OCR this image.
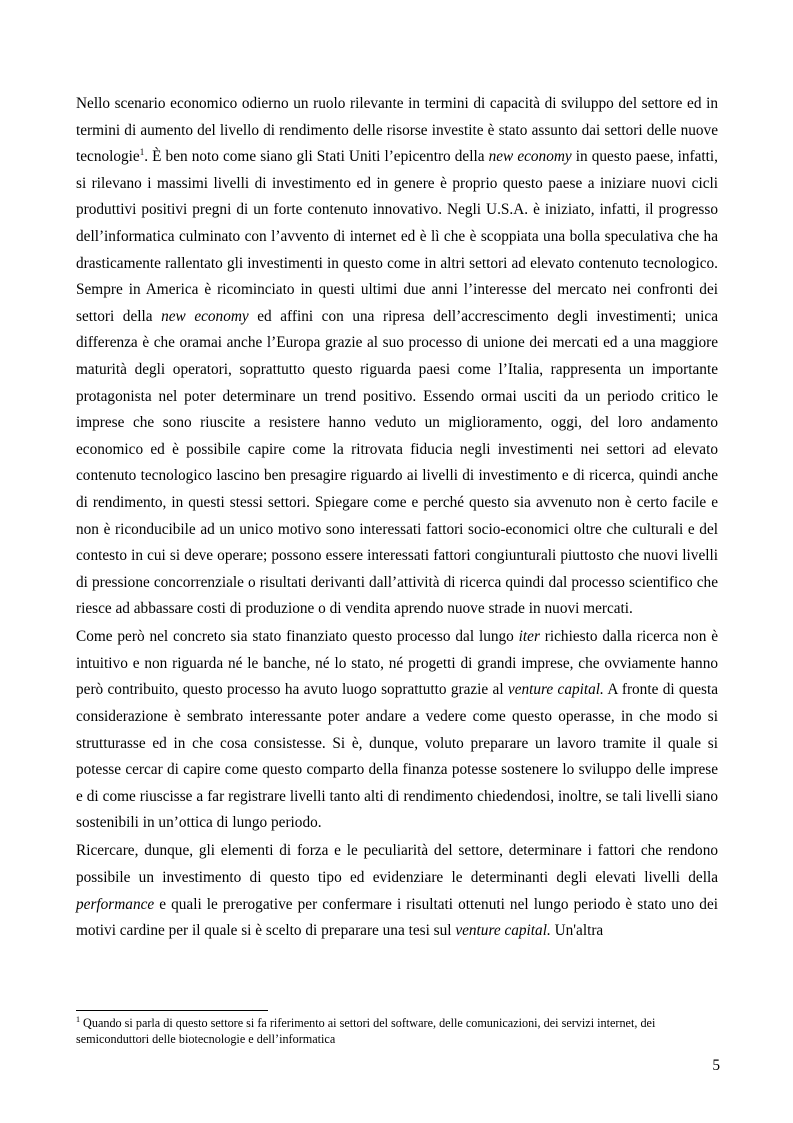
Nello scenario economico odierno un ruolo rilevante in termini di capacità di sviluppo del settore ed in termini di aumento del livello di rendimento delle risorse investite è stato assunto dai settori delle nuove tecnologie$^1$. È ben noto come siano gli Stati Uniti l’epicentro della new economy in questo paese, infatti, si rilevano i massimi livelli di investimento ed in genere è proprio questo paese a iniziare nuovi cicli produttivi positivi pregni di un forte contenuto innovativo. Negli U.S.A. è iniziato, infatti, il progresso dell’informatica culminato con l’avvento di internet ed è lì che è scoppiata una bolla speculativa che ha drasticamente rallentato gli investimenti in questo come in altri settori ad elevato contenuto tecnologico. Sempre in America è ricominciato in questi ultimi due anni l’interesse del mercato nei confronti dei settori della new economy ed affini con una ripresa dell’accrescimento degli investimenti; unica differenza è che oramai anche l’Europa grazie al suo processo di unione dei mercati ed a una maggiore maturità degli operatori, soprattutto questo riguarda paesi come l’Italia, rappresenta un importante protagonista nel poter determinare un trend positivo. Essendo ormai usciti da un periodo critico le imprese che sono riuscite a resistere hanno veduto un miglioramento, oggi, del loro andamento economico ed è possibile capire come la ritrovata fiducia negli investimenti nei settori ad elevato contenuto tecnologico lascino ben presagire riguardo ai livelli di investimento e di ricerca, quindi anche di rendimento, in questi stessi settori. Spiegare come e perché questo sia avvenuto non è certo facile e non è riconducibile ad un unico motivo sono interessati fattori socio-economici oltre che culturali e del contesto in cui si deve operare; possono essere interessati fattori congiunturali piuttosto che nuovi livelli di pressione concorrenziale o risultati derivanti dall’attività di ricerca quindi dal processo scientifico che riesce ad abbassare costi di produzione o di vendita aprendo nuove strade in nuovi mercati.

Come però nel concreto sia stato finanziato questo processo dal lungo iter richiesto dalla ricerca non è intuitivo e non riguarda né le banche, né lo stato, né progetti di grandi imprese, che ovviamente hanno però contribuito, questo processo ha avuto luogo soprattutto grazie al venture capital. A fronte di questa considerazione è sembrato interessante poter andare a vedere come questo operasse, in che modo si strutturasse ed in che cosa consistesse. Si è, dunque, voluto preparare un lavoro tramite il quale si potesse cercar di capire come questo comparto della finanza potesse sostenere lo sviluppo delle imprese e di come riuscisse a far registrare livelli tanto alti di rendimento chiedendosi, inoltre, se tali livelli siano sostenibili in un’ottica di lungo periodo.

Ricercare, dunque, gli elementi di forza e le peculiarità del settore, determinare i fattori che rendono possibile un investimento di questo tipo ed evidenziare le determinanti degli elevati livelli della performance e quali le prerogative per confermare i risultati ottenuti nel lungo periodo è stato uno dei motivi cardine per il quale si è scelto di preparare una tesi sul venture capital. Un'altra

$^1$ Quando si parla di questo settore si fa riferimento ai settori del software, delle comunicazioni, dei servizi internet, dei semiconduttori delle biotecnologie e dell’informatica
5
